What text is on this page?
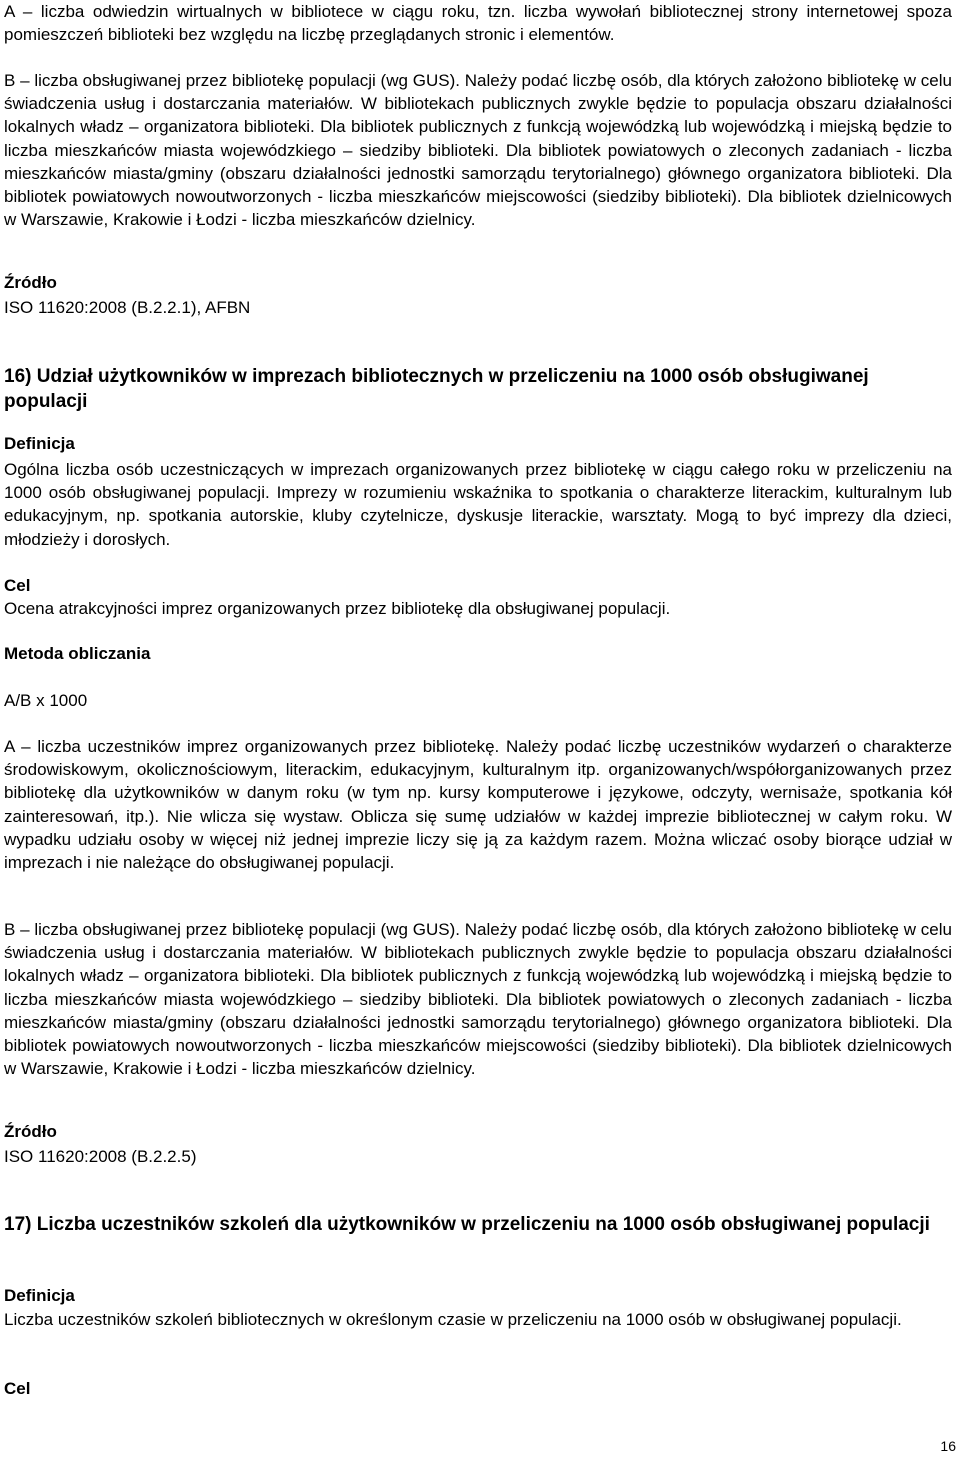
A – liczba odwiedzin wirtualnych w bibliotece w ciągu roku, tzn. liczba wywołań bibliotecznej strony internetowej spoza pomieszczeń biblioteki bez względu na liczbę przeglądanych stronic i elementów.

B – liczba obsługiwanej przez bibliotekę populacji (wg GUS). Należy podać liczbę osób, dla których założono bibliotekę w celu świadczenia usług i dostarczania materiałów. W bibliotekach publicznych zwykle będzie to populacja obszaru działalności lokalnych władz – organizatora biblioteki. Dla bibliotek publicznych z funkcją wojewódzką lub wojewódzką i miejską będzie to liczba mieszkańców miasta wojewódzkiego – siedziby biblioteki. Dla bibliotek powiatowych o zleconych zadaniach - liczba mieszkańców miasta/gminy (obszaru działalności jednostki samorządu terytorialnego) głównego organizatora biblioteki. Dla bibliotek powiatowych nowoutworzonych - liczba mieszkańców miejscowości (siedziby biblioteki). Dla bibliotek dzielnicowych w Warszawie, Krakowie i Łodzi - liczba mieszkańców dzielnicy.

Źródło

ISO 11620:2008 (B.2.2.1), AFBN

16) Udział użytkowników w imprezach bibliotecznych w przeliczeniu na 1000 osób obsługiwanej populacji

Definicja

Ogólna liczba osób uczestniczących w imprezach organizowanych przez bibliotekę w ciągu całego roku w przeliczeniu na 1000 osób obsługiwanej populacji. Imprezy w rozumieniu wskaźnika to spotkania o charakterze literackim, kulturalnym lub edukacyjnym, np. spotkania autorskie, kluby czytelnicze, dyskusje literackie, warsztaty. Mogą to być imprezy dla dzieci, młodzieży i dorosłych.

Cel

Ocena atrakcyjności imprez organizowanych przez bibliotekę dla obsługiwanej populacji.

Metoda obliczania

A/B x 1000

A – liczba uczestników imprez organizowanych przez bibliotekę. Należy podać liczbę uczestników wydarzeń o charakterze środowiskowym, okolicznościowym, literackim, edukacyjnym, kulturalnym itp. organizowanych/współorganizowanych przez bibliotekę dla użytkowników w danym roku (w tym np. kursy komputerowe i językowe, odczyty, wernisaże, spotkania kół zainteresowań, itp.). Nie wlicza się wystaw. Oblicza się sumę udziałów w każdej imprezie bibliotecznej w całym roku. W wypadku udziału osoby w więcej niż jednej imprezie liczy się ją za każdym razem. Można wliczać osoby biorące udział w imprezach i nie należące do obsługiwanej populacji.

B – liczba obsługiwanej przez bibliotekę populacji (wg GUS). Należy podać liczbę osób, dla których założono bibliotekę w celu świadczenia usług i dostarczania materiałów. W bibliotekach publicznych zwykle będzie to populacja obszaru działalności lokalnych władz – organizatora biblioteki. Dla bibliotek publicznych z funkcją wojewódzką lub wojewódzką i miejską będzie to liczba mieszkańców miasta wojewódzkiego – siedziby biblioteki. Dla bibliotek powiatowych o zleconych zadaniach - liczba mieszkańców miasta/gminy (obszaru działalności jednostki samorządu terytorialnego) głównego organizatora biblioteki. Dla bibliotek powiatowych nowoutworzonych - liczba mieszkańców miejscowości (siedziby biblioteki). Dla bibliotek dzielnicowych w Warszawie, Krakowie i Łodzi - liczba mieszkańców dzielnicy.

Źródło

ISO 11620:2008 (B.2.2.5)

17) Liczba uczestników szkoleń dla użytkowników w przeliczeniu na 1000 osób obsługiwanej populacji

Definicja

Liczba uczestników szkoleń bibliotecznych w określonym czasie w przeliczeniu na 1000 osób w obsługiwanej populacji.

Cel

16
